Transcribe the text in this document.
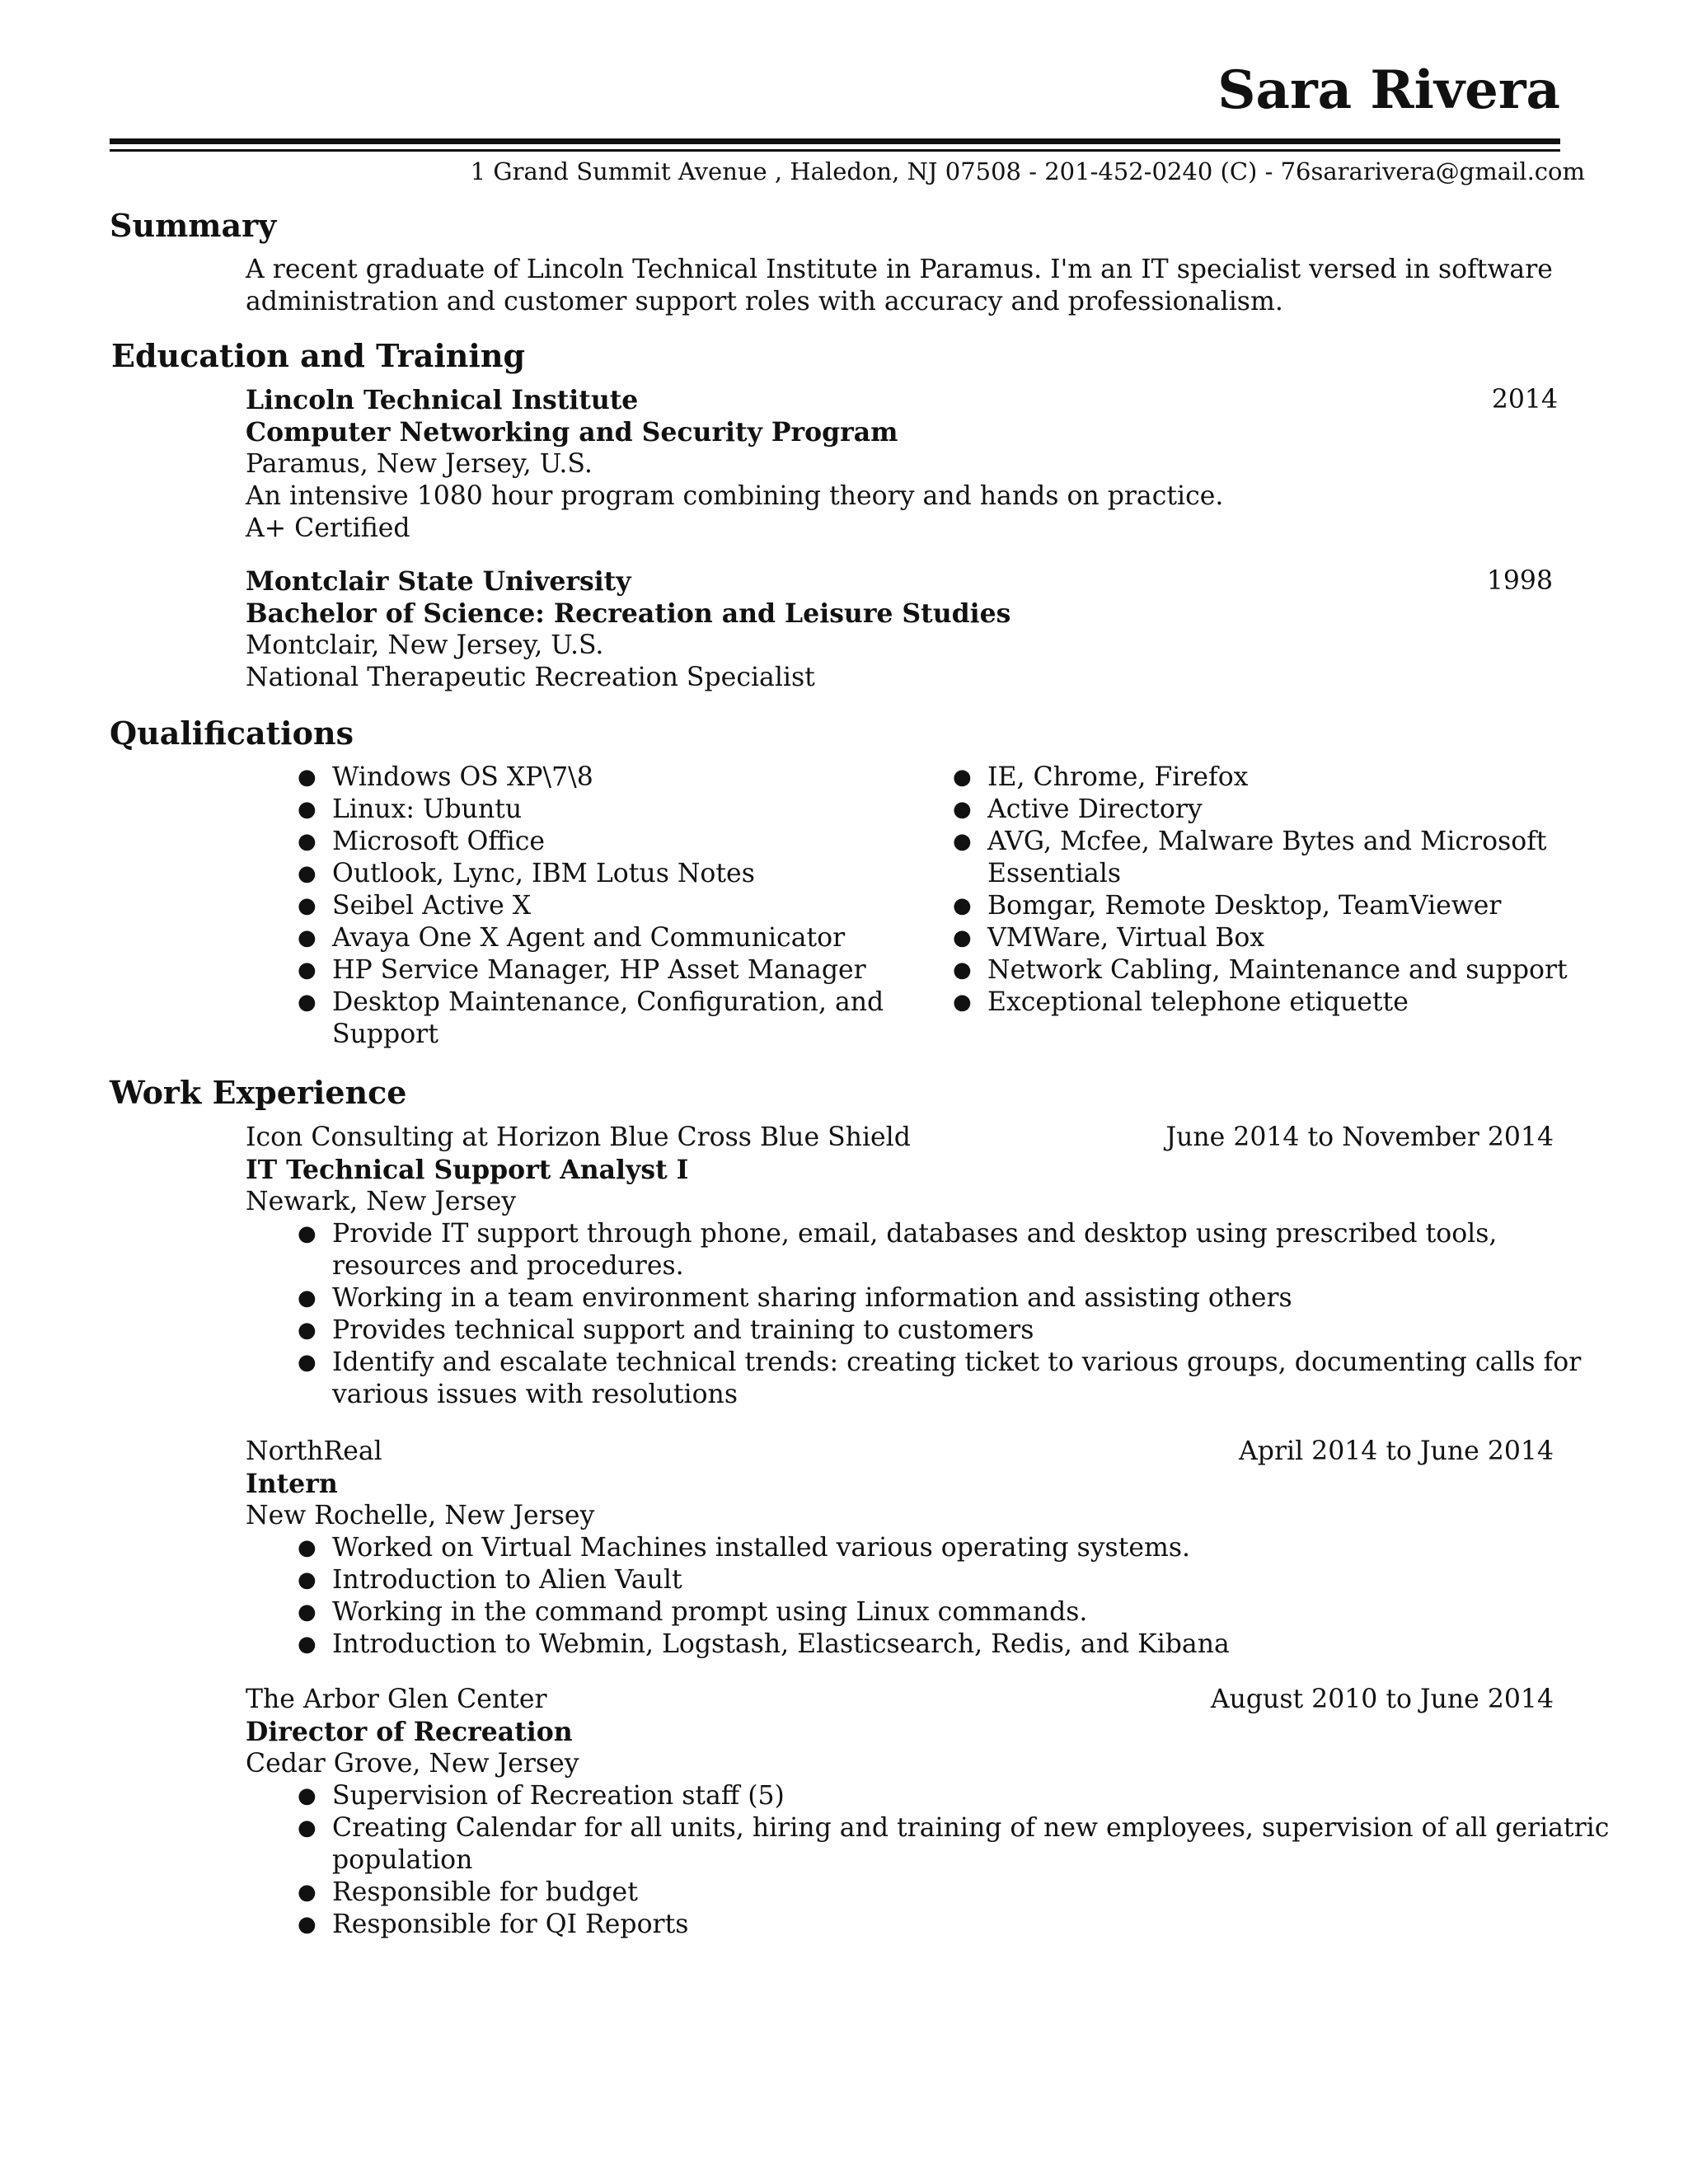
Sara Rivera
1 Grand Summit Avenue , Haledon, NJ 07508 - 201-452-0240 (C) - 76sararivera@gmail.com
Summary
A recent graduate of Lincoln Technical Institute in Paramus. I'm an IT specialist versed in software
administration and customer support roles with accuracy and professionalism.
Education and Training
Lincoln Technical Institute	2014
Computer Networking and Security Program
Paramus, New Jersey, U.S.
An intensive 1080 hour program combining theory and hands on practice.
A+ Certified
Montclair State University	1998
Bachelor of Science: Recreation and Leisure Studies
Montclair, New Jersey, U.S.
National Therapeutic Recreation Specialist
Qualifications
● Windows OS XP\7\8
● Linux: Ubuntu
● Microsoft Office
● Outlook, Lync, IBM Lotus Notes
● Seibel Active X
● Avaya One X Agent and Communicator
● HP Service Manager, HP Asset Manager
● Desktop Maintenance, Configuration, and
Support
● IE, Chrome, Firefox
● Active Directory
● AVG, Mcfee, Malware Bytes and Microsoft
Essentials
● Bomgar, Remote Desktop, TeamViewer
● VMWare, Virtual Box
● Network Cabling, Maintenance and support
● Exceptional telephone etiquette
Work Experience
Icon Consulting at Horizon Blue Cross Blue Shield	June 2014 to November 2014
IT Technical Support Analyst I
Newark, New Jersey
● Provide IT support through phone, email, databases and desktop using prescribed tools,
resources and procedures.
● Working in a team environment sharing information and assisting others
● Provides technical support and training to customers
● Identify and escalate technical trends: creating ticket to various groups, documenting calls for
various issues with resolutions
NorthReal	April 2014 to June 2014
Intern
New Rochelle, New Jersey
● Worked on Virtual Machines installed various operating systems.
● Introduction to Alien Vault
● Working in the command prompt using Linux commands.
● Introduction to Webmin, Logstash, Elasticsearch, Redis, and Kibana
The Arbor Glen Center	August 2010 to June 2014
Director of Recreation
Cedar Grove, New Jersey
● Supervision of Recreation staff (5)
● Creating Calendar for all units, hiring and training of new employees, supervision of all geriatric
population
● Responsible for budget
● Responsible for QI Reports
